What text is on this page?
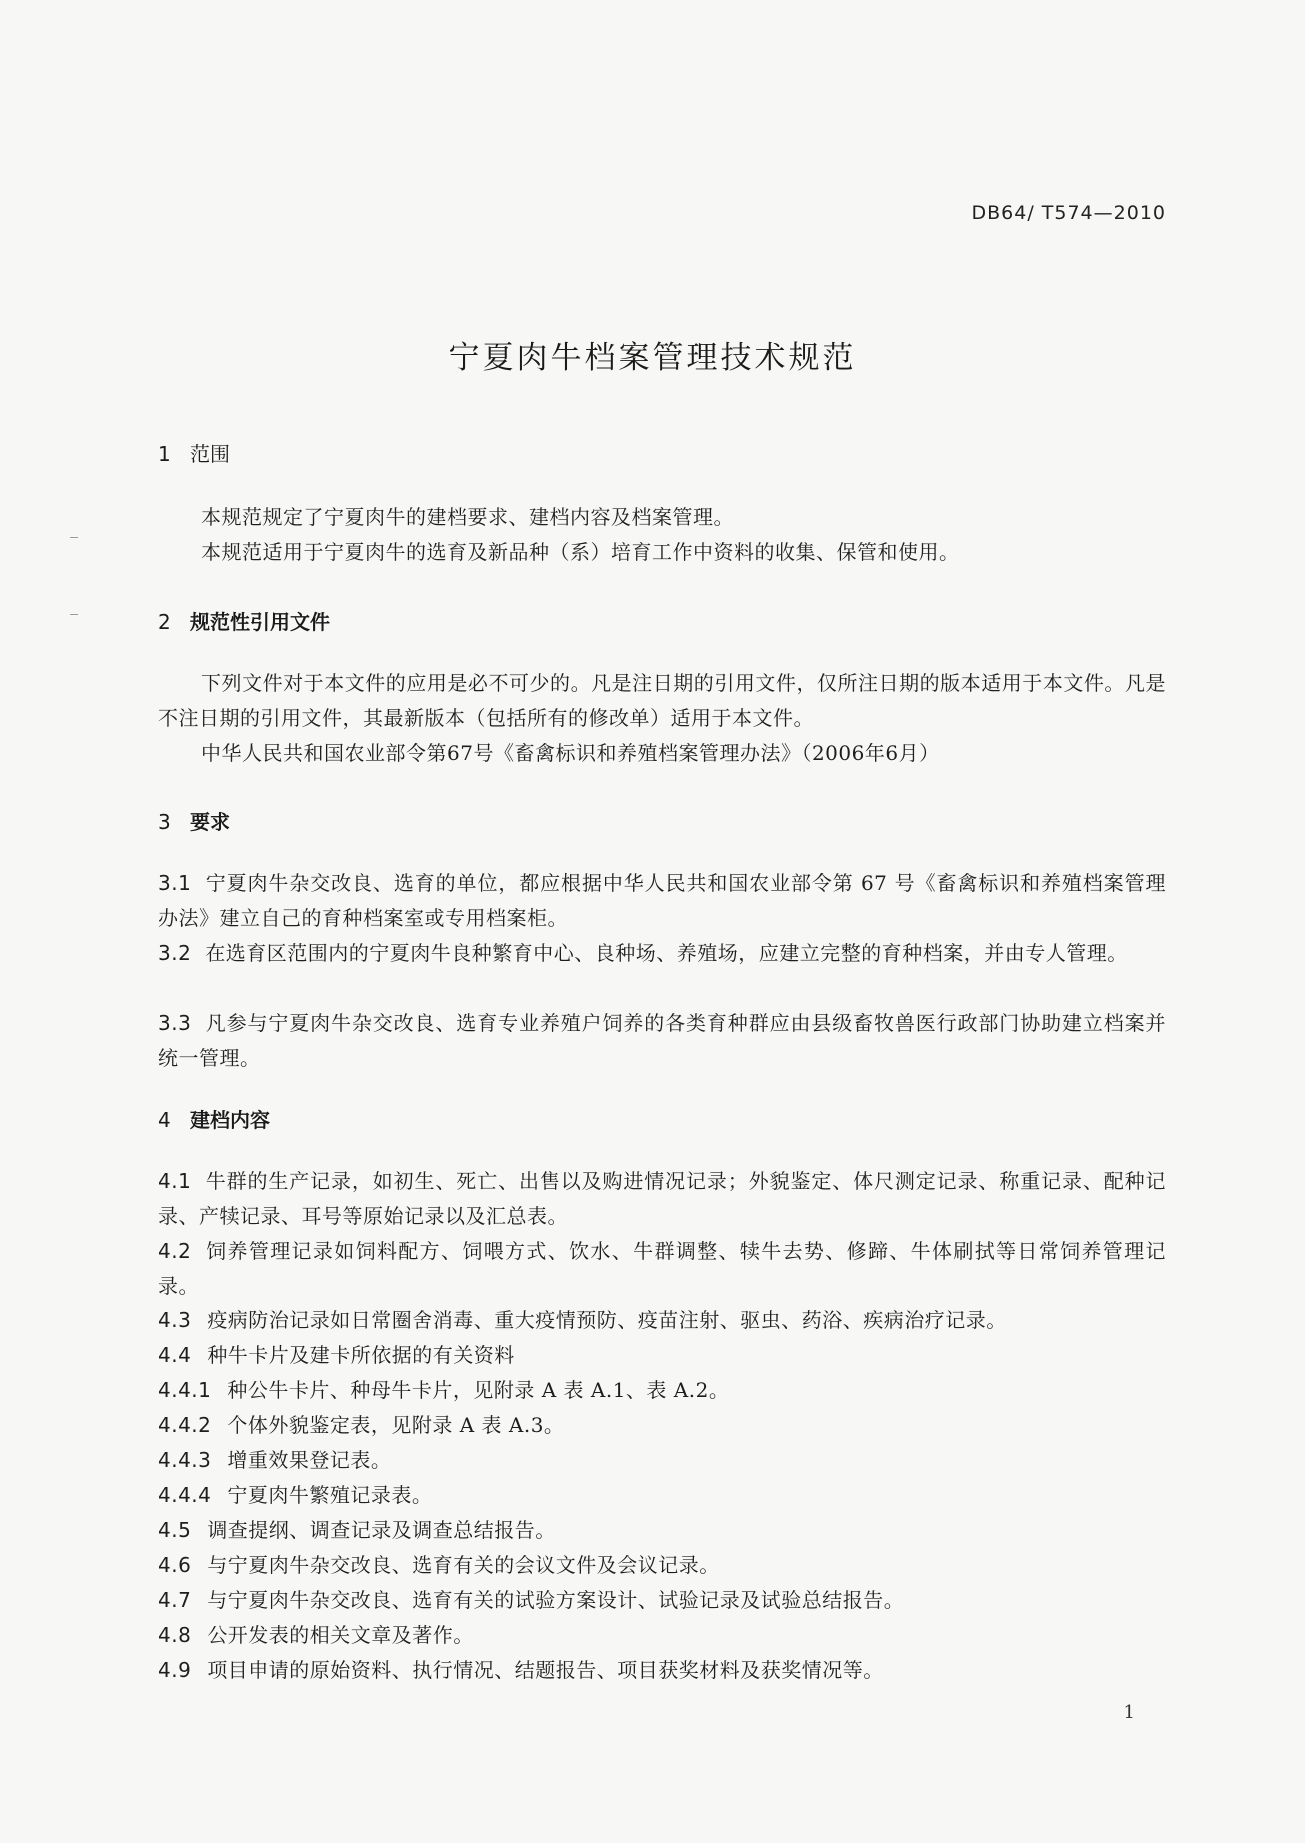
DB64/ T574—2010
宁夏肉牛档案管理技术规范
1 范围
本规范规定了宁夏肉牛的建档要求、建档内容及档案管理。
本规范适用于宁夏肉牛的选育及新品种（系）培育工作中资料的收集、保管和使用。
2 规范性引用文件
下列文件对于本文件的应用是必不可少的。凡是注日期的引用文件，仅所注日期的版本适用于本文件。凡是不注日期的引用文件，其最新版本（包括所有的修改单）适用于本文件。
中华人民共和国农业部令第67号《畜禽标识和养殖档案管理办法》（2006年6月）
3 要求
3.1 宁夏肉牛杂交改良、选育的单位，都应根据中华人民共和国农业部令第 67 号《畜禽标识和养殖档案管理办法》建立自己的育种档案室或专用档案柜。
3.2 在选育区范围内的宁夏肉牛良种繁育中心、良种场、养殖场，应建立完整的育种档案，并由专人管理。
3.3 凡参与宁夏肉牛杂交改良、选育专业养殖户饲养的各类育种群应由县级畜牧兽医行政部门协助建立档案并统一管理。
4 建档内容
4.1 牛群的生产记录，如初生、死亡、出售以及购进情况记录；外貌鉴定、体尺测定记录、称重记录、配种记录、产犊记录、耳号等原始记录以及汇总表。
4.2 饲养管理记录如饲料配方、饲喂方式、饮水、牛群调整、犊牛去势、修蹄、牛体刷拭等日常饲养管理记录。
4.3 疫病防治记录如日常圈舍消毒、重大疫情预防、疫苗注射、驱虫、药浴、疾病治疗记录。
4.4 种牛卡片及建卡所依据的有关资料
4.4.1 种公牛卡片、种母牛卡片，见附录 A 表 A.1、表 A.2。
4.4.2 个体外貌鉴定表，见附录 A 表 A.3。
4.4.3 增重效果登记表。
4.4.4 宁夏肉牛繁殖记录表。
4.5 调查提纲、调查记录及调查总结报告。
4.6 与宁夏肉牛杂交改良、选育有关的会议文件及会议记录。
4.7 与宁夏肉牛杂交改良、选育有关的试验方案设计、试验记录及试验总结报告。
4.8 公开发表的相关文章及著作。
4.9 项目申请的原始资料、执行情况、结题报告、项目获奖材料及获奖情况等。
1
